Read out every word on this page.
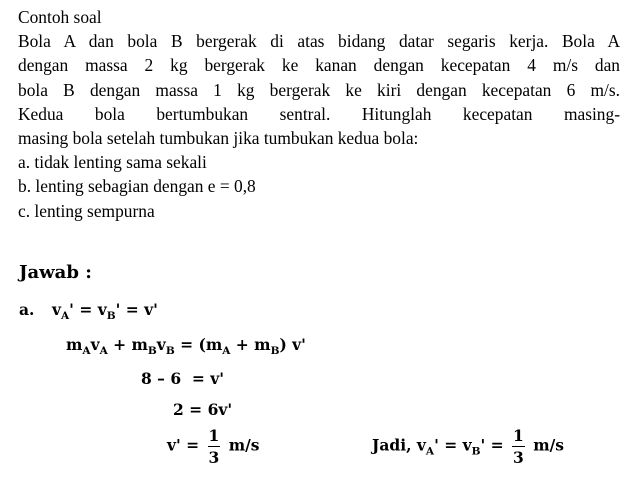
Contoh soal
Bola A dan bola B bergerak di atas bidang datar segaris kerja. Bola A
dengan massa 2 kg bergerak ke kanan dengan kecepatan 4 m/s dan
bola B dengan massa 1 kg bergerak ke kiri dengan kecepatan 6 m/s.
Kedua bola bertumbukan sentral. Hitunglah kecepatan masing-
masing bola setelah tumbukan jika tumbukan kedua bola:
a. tidak lenting sama sekali
b. lenting sebagian dengan e = 0,8
c. lenting sempurna
Jawab :
a. $v_A' = v_B' = v'$
$m_Av_A + m_Bv_B = (m_A + m_B)$ v'
8 – 6  = v'
2 = 6v'
$v' = \frac{1}{3} m/s$	Jadi, $v_A' = v_B' = \frac{1}{3} m/s$
